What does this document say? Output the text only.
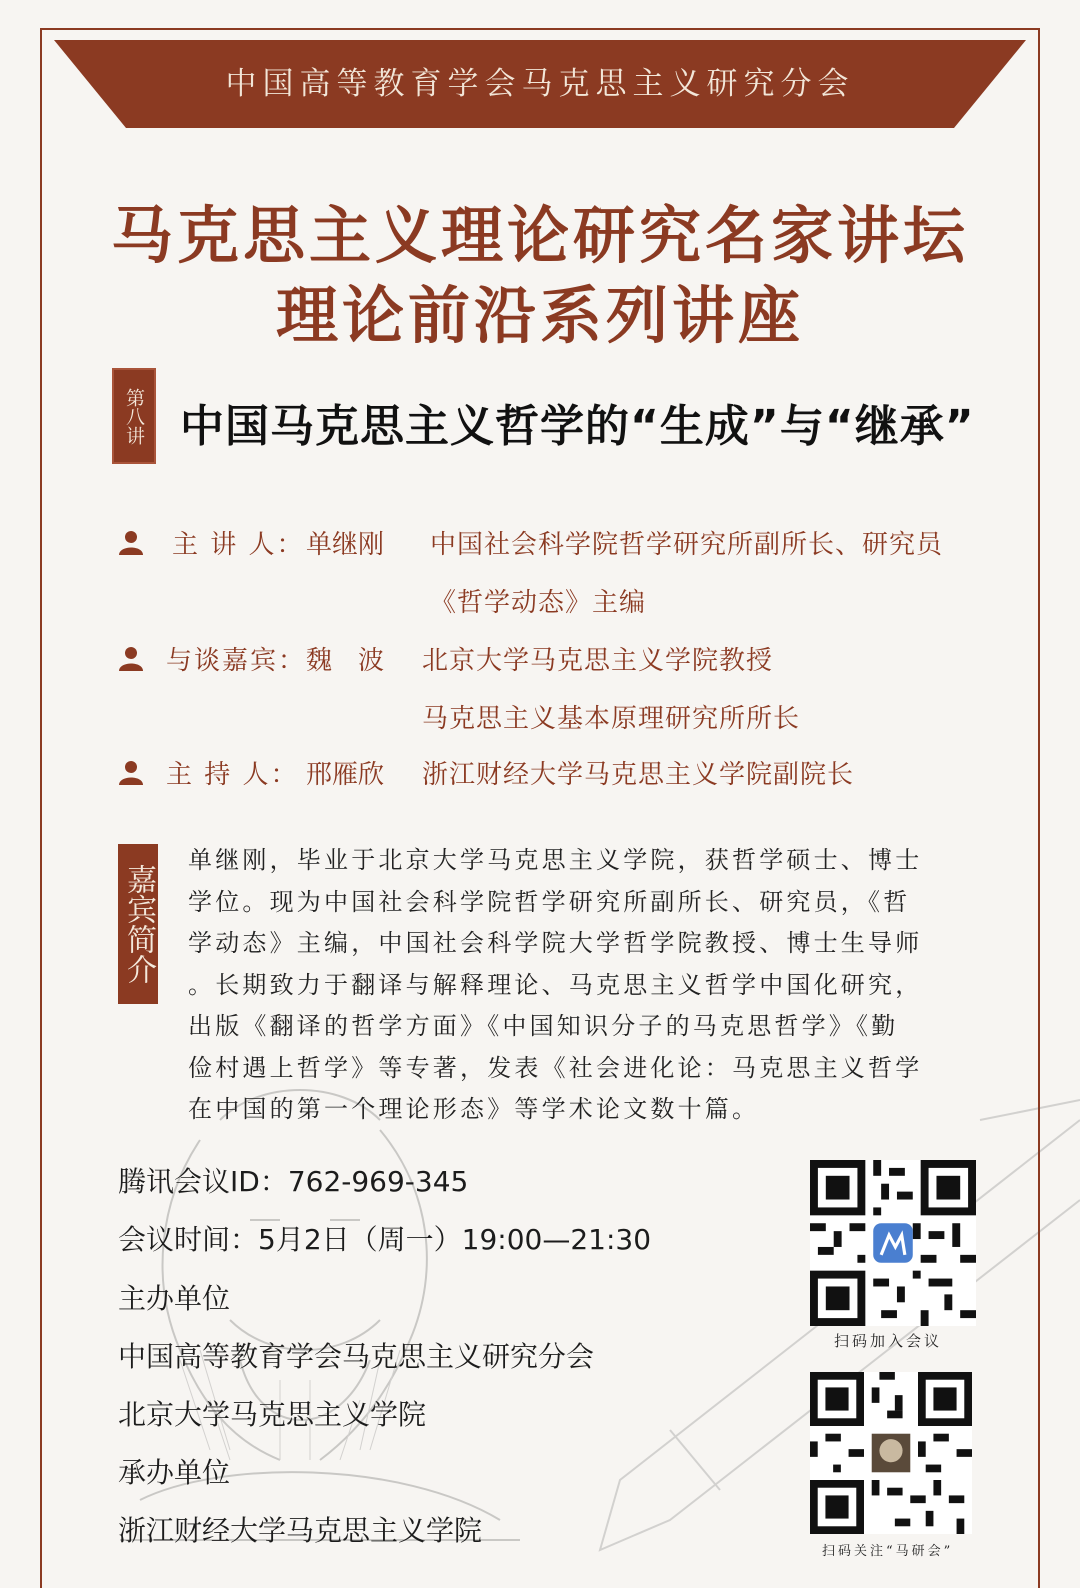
中国高等教育学会马克思主义研究分会
马克思主义理论研究名家讲坛
理论前沿系列讲座
第八讲 中国马克思主义哲学的“生成”与“继承”
主 讲 人： 单继刚 中国社会科学院哲学研究所副所长、研究员
《哲学动态》主编
与谈嘉宾： 魏　波 北京大学马克思主义学院教授
马克思主义基本原理研究所所长
主 持 人： 邢雁欣 浙江财经大学马克思主义学院副院长
嘉宾简介
单继刚，毕业于北京大学马克思主义学院，获哲学硕士、博士
学位。现为中国社会科学院哲学研究所副所长、研究员，《哲
学动态》主编，中国社会科学院大学哲学院教授、博士生导师
。长期致力于翻译与解释理论、马克思主义哲学中国化研究，
出版《翻译的哲学方面》《中国知识分子的马克思哲学》《勤
俭村遇上哲学》等专著，发表《社会进化论：马克思主义哲学
在中国的第一个理论形态》等学术论文数十篇。
腾讯会议ID：762-969-345
会议时间：5月2日（周一）19:00—21:30
主办单位
中国高等教育学会马克思主义研究分会
北京大学马克思主义学院
承办单位
浙江财经大学马克思主义学院
扫码加入会议
扫码关注“马研会”
